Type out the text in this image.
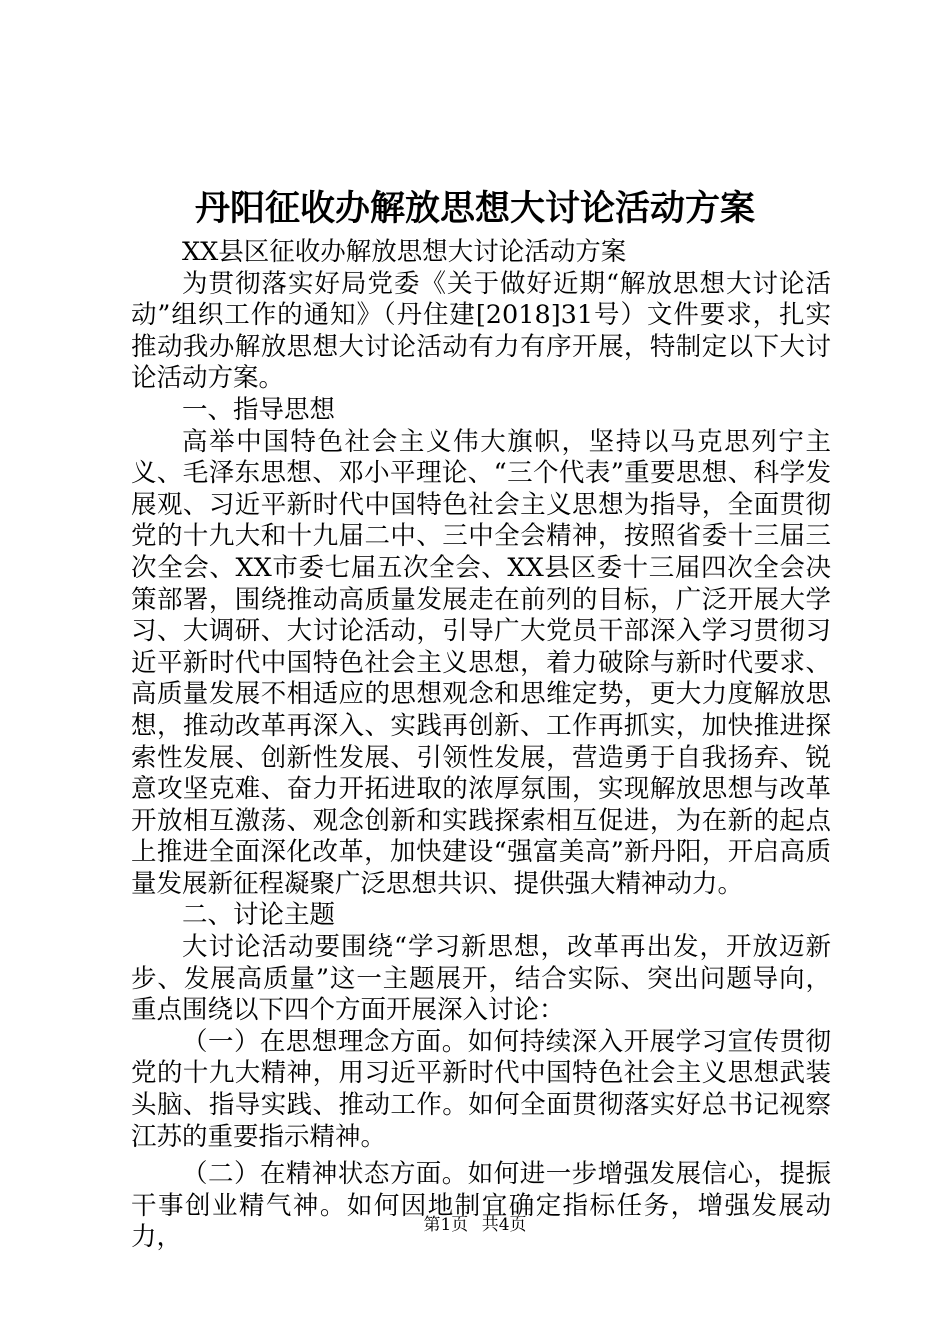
丹阳征收办解放思想大讨论活动方案

XX县区征收办解放思想大讨论活动方案

为贯彻落实好局党委《关于做好近期“解放思想大讨论活动”组织工作的通知》（丹住建[2018]31号）文件要求，扎实推动我办解放思想大讨论活动有力有序开展，特制定以下大讨论活动方案。

一、指导思想

高举中国特色社会主义伟大旗帜，坚持以马克思列宁主义、毛泽东思想、邓小平理论、“三个代表”重要思想、科学发展观、习近平新时代中国特色社会主义思想为指导，全面贯彻党的十九大和十九届二中、三中全会精神，按照省委十三届三次全会、XX市委七届五次全会、XX县区委十三届四次全会决策部署，围绕推动高质量发展走在前列的目标，广泛开展大学习、大调研、大讨论活动，引导广大党员干部深入学习贯彻习近平新时代中国特色社会主义思想，着力破除与新时代要求、高质量发展不相适应的思想观念和思维定势，更大力度解放思想，推动改革再深入、实践再创新、工作再抓实，加快推进探索性发展、创新性发展、引领性发展，营造勇于自我扬弃、锐意攻坚克难、奋力开拓进取的浓厚氛围，实现解放思想与改革开放相互激荡、观念创新和实践探索相互促进，为在新的起点上推进全面深化改革，加快建设“强富美高”新丹阳，开启高质量发展新征程凝聚广泛思想共识、提供强大精神动力。

二、讨论主题

大讨论活动要围绕“学习新思想，改革再出发，开放迈新步、发展高质量”这一主题展开，结合实际、突出问题导向，重点围绕以下四个方面开展深入讨论：

（一）在思想理念方面。如何持续深入开展学习宣传贯彻党的十九大精神，用习近平新时代中国特色社会主义思想武装头脑、指导实践、推动工作。如何全面贯彻落实好总书记视察江苏的重要指示精神。

（二）在精神状态方面。如何进一步增强发展信心，提振干事创业精气神。如何因地制宜确定指标任务，增强发展动力，	第1页 共4页
